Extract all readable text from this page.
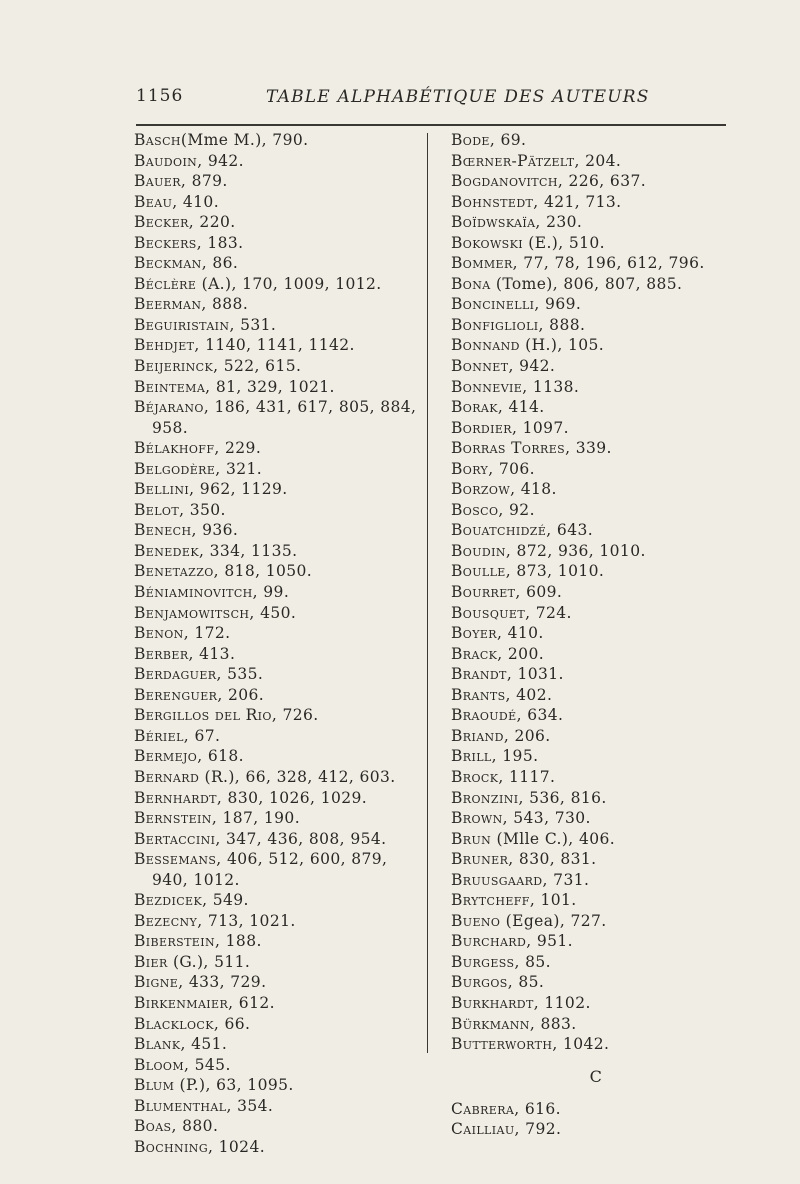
1156	TABLE ALPHABÉTIQUE DES AUTEURS
Basch(Mme M.), 790.
Baudoin, 942.
Bauer, 879.
Beau, 410.
Becker, 220.
Beckers, 183.
Beckman, 86.
Béclère (A.), 170, 1009, 1012.
Beerman, 888.
Beguiristain, 531.
Behdjet, 1140, 1141, 1142.
Beijerinck, 522, 615.
Beintema, 81, 329, 1021.
Béjarano, 186, 431, 617, 805, 884, 958.
Bélakhoff, 229.
Belgodère, 321.
Bellini, 962, 1129.
Belot, 350.
Benech, 936.
Benedek, 334, 1135.
Benetazzo, 818, 1050.
Béniaminovitch, 99.
Benjamowitsch, 450.
Benon, 172.
Berber, 413.
Berdaguer, 535.
Berenguer, 206.
Bergillos del Rio, 726.
Bériel, 67.
Bermejo, 618.
Bernard (R.), 66, 328, 412, 603.
Bernhardt, 830, 1026, 1029.
Bernstein, 187, 190.
Bertaccini, 347, 436, 808, 954.
Bessemans, 406, 512, 600, 879, 940, 1012.
Bezdicek, 549.
Bezecny, 713, 1021.
Biberstein, 188.
Bier (G.), 511.
Bigne, 433, 729.
Birkenmaier, 612.
Blacklock, 66.
Blank, 451.
Bloom, 545.
Blum (P.), 63, 1095.
Blumenthal, 354.
Boas, 880.
Bochning, 1024.
Bode, 69.
Bœrner-Pätzelt, 204.
Bogdanovitch, 226, 637.
Bohnstedt, 421, 713.
Boïdwskaïa, 230.
Bokowski (E.), 510.
Bommer, 77, 78, 196, 612, 796.
Bona (Tome), 806, 807, 885.
Boncinelli, 969.
Bonfiglioli, 888.
Bonnand (H.), 105.
Bonnet, 942.
Bonnevie, 1138.
Borak, 414.
Bordier, 1097.
Borras Torres, 339.
Bory, 706.
Borzow, 418.
Bosco, 92.
Bouatchidzé, 643.
Boudin, 872, 936, 1010.
Boulle, 873, 1010.
Bourret, 609.
Bousquet, 724.
Boyer, 410.
Brack, 200.
Brandt, 1031.
Brants, 402.
Braoudé, 634.
Briand, 206.
Brill, 195.
Brock, 1117.
Bronzini, 536, 816.
Brown, 543, 730.
Brun (Mlle C.), 406.
Bruner, 830, 831.
Bruusgaard, 731.
Brytcheff, 101.
Bueno (Egea), 727.
Burchard, 951.
Burgess, 85.
Burgos, 85.
Burkhardt, 1102.
Bürkmann, 883.
Butterworth, 1042.
C
Cabrera, 616.
Cailliau, 792.
